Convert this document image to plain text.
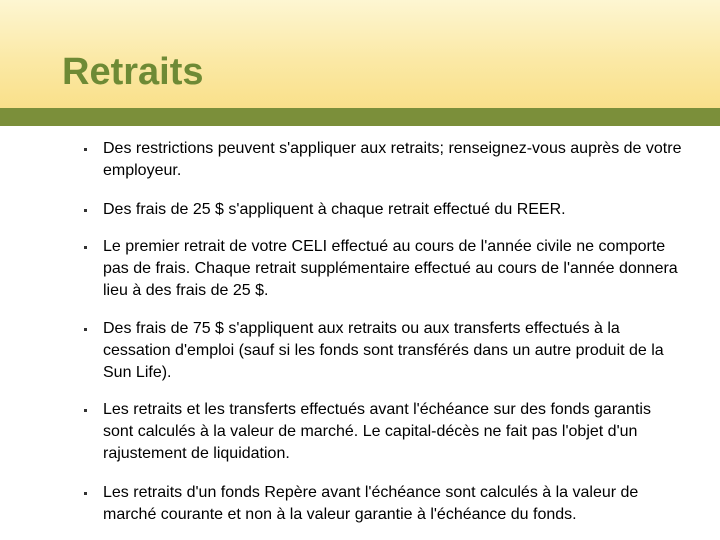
Retraits
Des restrictions peuvent s'appliquer aux retraits; renseignez-vous auprès de votre employeur.
Des frais de 25 $ s'appliquent à chaque retrait effectué du REER.
Le premier retrait de votre CELI effectué au cours de l'année civile ne comporte pas de frais. Chaque retrait supplémentaire effectué au cours de l'année donnera lieu à des frais de 25 $.
Des frais de 75 $ s'appliquent aux retraits ou aux transferts effectués à la cessation d'emploi (sauf si les fonds sont transférés dans un autre produit de la Sun Life).
Les retraits et les transferts effectués avant l'échéance sur des fonds garantis sont calculés à la valeur de marché. Le capital-décès ne fait pas l'objet d'un rajustement de liquidation.
Les retraits d'un fonds Repère avant l'échéance sont calculés à la valeur de marché courante et non à la valeur garantie à l'échéance du fonds.
